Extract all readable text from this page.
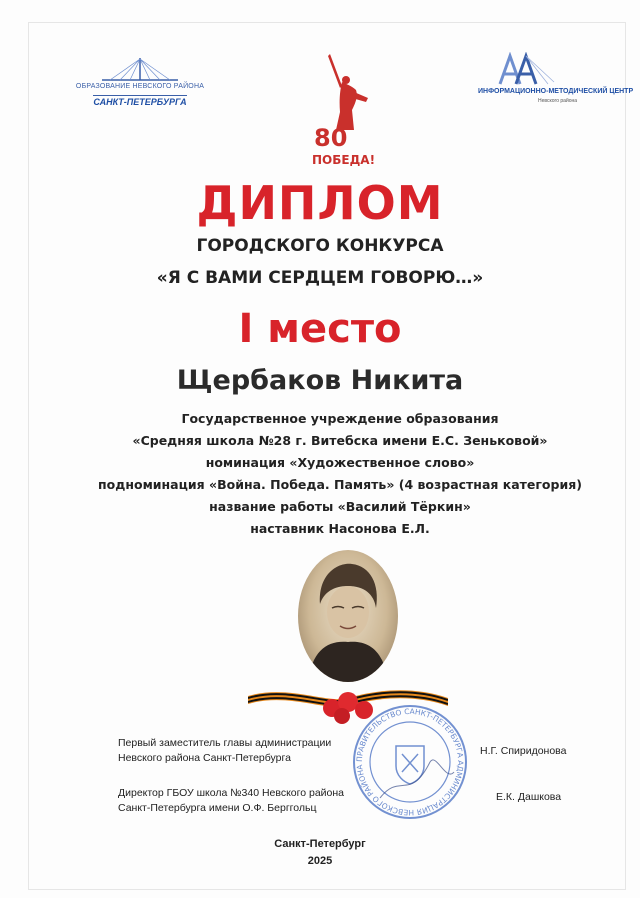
ОБРАЗОВАНИЕ НЕВСКОГО РАЙОНА
САНКТ-ПЕТЕРБУРГА
80
ПОБЕДА!
ИНФОРМАЦИОННО-МЕТОДИЧЕСКИЙ ЦЕНТР
Невского района
ДИПЛОМ
ГОРОДСКОГО КОНКУРСА
«Я С ВАМИ СЕРДЦЕМ ГОВОРЮ…»
I место
Щербаков Никита
Государственное учреждение образования
«Средняя школа №28 г. Витебска имени Е.С. Зеньковой»
номинация «Художественное слово»
подноминация «Война. Победа. Память» (4 возрастная категория)
название работы «Василий Тёркин»
наставник Насонова Е.Л.
Первый заместитель главы администрации
Невского района Санкт-Петербурга
Н.Г. Спиридонова
Директор ГБОУ школа №340 Невского района
Санкт-Петербурга имени О.Ф. Берггольц
Е.К. Дашкова
ПРАВИТЕЛЬСТВО САНКТ-ПЕТЕРБУРГА АДМИНИСТРАЦИЯ НЕВСКОГО РАЙОНА
Санкт-Петербург
2025
